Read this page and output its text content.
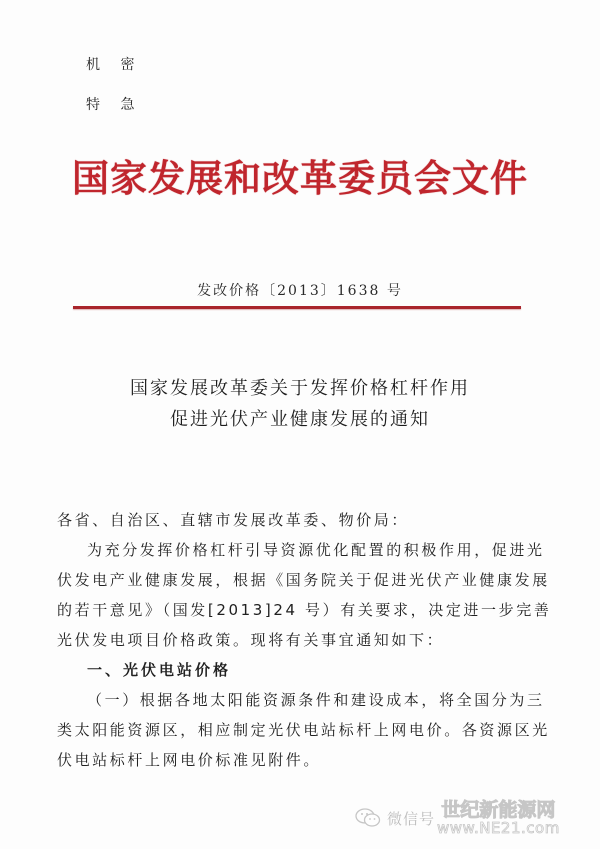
机 密
特 急
国家发展和改革委员会文件
发改价格〔2013〕1638 号
国家发展改革委关于发挥价格杠杆作用
促进光伏产业健康发展的通知

各省、自治区、直辖市发展改革委、物价局：

为充分发挥价格杠杆引导资源优化配置的积极作用，促进光伏发电产业健康发展，根据《国务院关于促进光伏产业健康发展的若干意见》（国发[2013]24 号）有关要求，决定进一步完善光伏发电项目价格政策。现将有关事宜通知如下：

一、光伏电站价格

（一）根据各地太阳能资源条件和建设成本，将全国分为三类太阳能资源区，相应制定光伏电站标杆上网电价。各资源区光伏电站标杆上网电价标准见附件。

微信号 世纪新能源网
www.NE21.com
